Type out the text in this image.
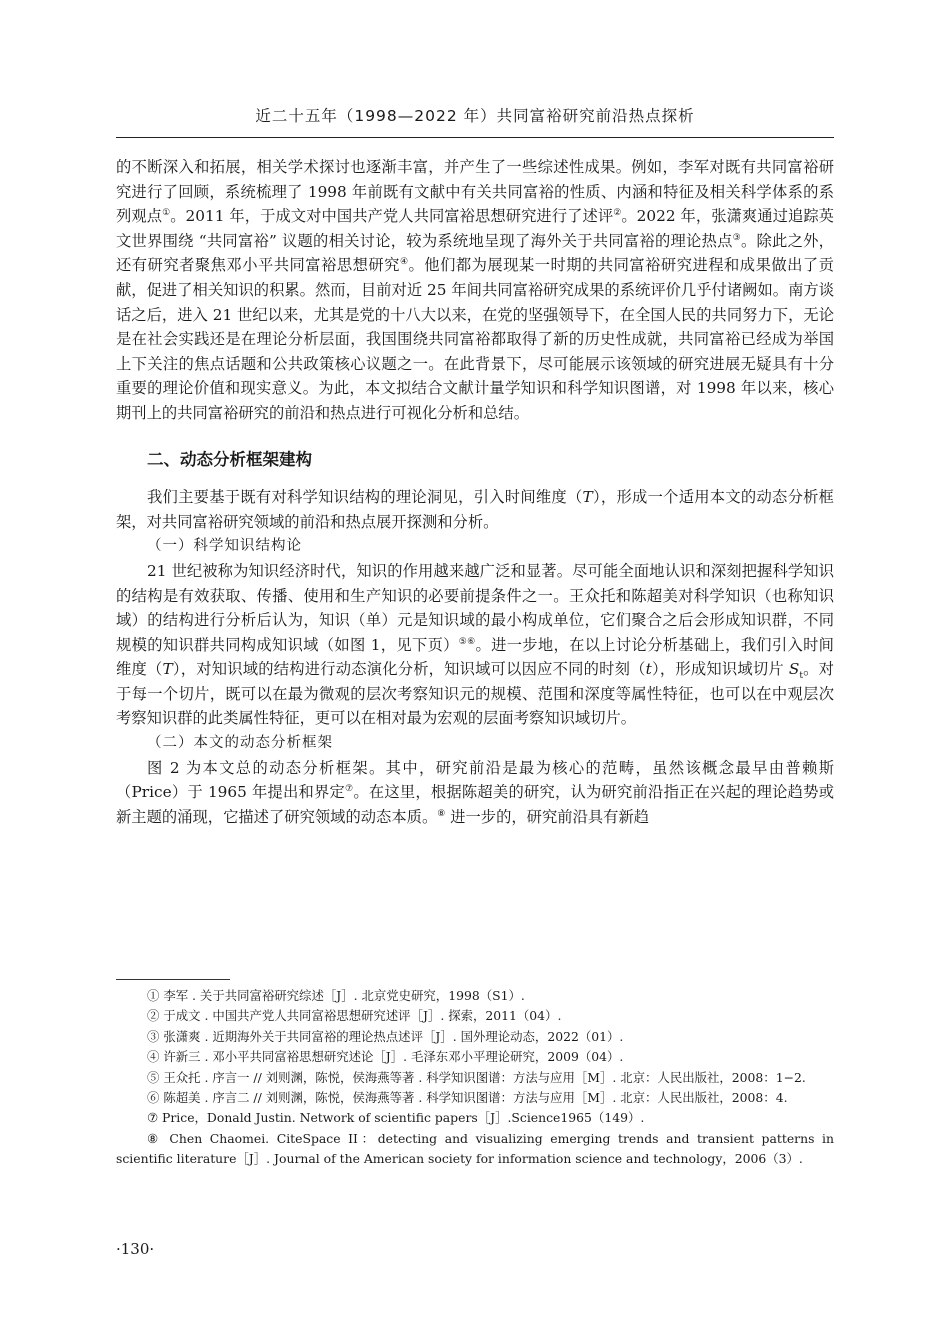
近二十五年（1998—2022 年）共同富裕研究前沿热点探析

的不断深入和拓展，相关学术探讨也逐渐丰富，并产生了一些综述性成果。例如，李军对既有共同富裕研究进行了回顾，系统梳理了 1998 年前既有文献中有关共同富裕的性质、内涵和特征及相关科学体系的系列观点①。2011 年，于成文对中国共产党人共同富裕思想研究进行了述评②。2022 年，张潇爽通过追踪英文世界围绕 “共同富裕” 议题的相关讨论，较为系统地呈现了海外关于共同富裕的理论热点③。除此之外，还有研究者聚焦邓小平共同富裕思想研究④。他们都为展现某一时期的共同富裕研究进程和成果做出了贡献，促进了相关知识的积累。然而，目前对近 25 年间共同富裕研究成果的系统评价几乎付诸阙如。南方谈话之后，进入 21 世纪以来，尤其是党的十八大以来，在党的坚强领导下，在全国人民的共同努力下，无论是在社会实践还是在理论分析层面，我国围绕共同富裕都取得了新的历史性成就，共同富裕已经成为举国上下关注的焦点话题和公共政策核心议题之一。在此背景下，尽可能展示该领域的研究进展无疑具有十分重要的理论价值和现实意义。为此，本文拟结合文献计量学知识和科学知识图谱，对 1998 年以来，核心期刊上的共同富裕研究的前沿和热点进行可视化分析和总结。

二、动态分析框架建构

我们主要基于既有对科学知识结构的理论洞见，引入时间维度（T），形成一个适用本文的动态分析框架，对共同富裕研究领域的前沿和热点展开探测和分析。

（一）科学知识结构论

21 世纪被称为知识经济时代，知识的作用越来越广泛和显著。尽可能全面地认识和深刻把握科学知识的结构是有效获取、传播、使用和生产知识的必要前提条件之一。王众托和陈超美对科学知识（也称知识域）的结构进行分析后认为，知识（单）元是知识域的最小构成单位，它们聚合之后会形成知识群，不同规模的知识群共同构成知识域（如图 1，见下页）⑤⑥。进一步地，在以上讨论分析基础上，我们引入时间维度（T），对知识域的结构进行动态演化分析，知识域可以因应不同的时刻（t），形成知识域切片 $S_t$。对于每一个切片，既可以在最为微观的层次考察知识元的规模、范围和深度等属性特征，也可以在中观层次考察知识群的此类属性特征，更可以在相对最为宏观的层面考察知识域切片。

（二）本文的动态分析框架

图 2 为本文总的动态分析框架。其中，研究前沿是最为核心的范畴，虽然该概念最早由普赖斯（Price）于 1965 年提出和界定⑦。在这里，根据陈超美的研究，认为研究前沿指正在兴起的理论趋势或新主题的涌现，它描述了研究领域的动态本质。⑧ 进一步的，研究前沿具有新趋

① 李军 . 关于共同富裕研究综述［J］. 北京党史研究，1998（S1）.

② 于成文 . 中国共产党人共同富裕思想研究述评［J］. 探索，2011（04）.

③ 张潇爽 . 近期海外关于共同富裕的理论热点述评［J］. 国外理论动态，2022（01）.

④ 许新三 . 邓小平共同富裕思想研究述论［J］. 毛泽东邓小平理论研究，2009（04）.

⑤ 王众托 . 序言一 // 刘则渊，陈悦，侯海燕等著 . 科学知识图谱：方法与应用［M］. 北京：人民出版社，2008：1−2.

⑥ 陈超美 . 序言二 // 刘则渊，陈悦，侯海燕等著 . 科学知识图谱：方法与应用［M］. 北京：人民出版社，2008：4.

⑦ Price，Donald Justin. Network of scientific papers［J］.Science1965（149）.

⑧ Chen Chaomei. CiteSpace II：detecting and visualizing emerging trends and transient patterns in scientific literature［J］. Journal of the American society for information science and technology，2006（3）.

·130·
